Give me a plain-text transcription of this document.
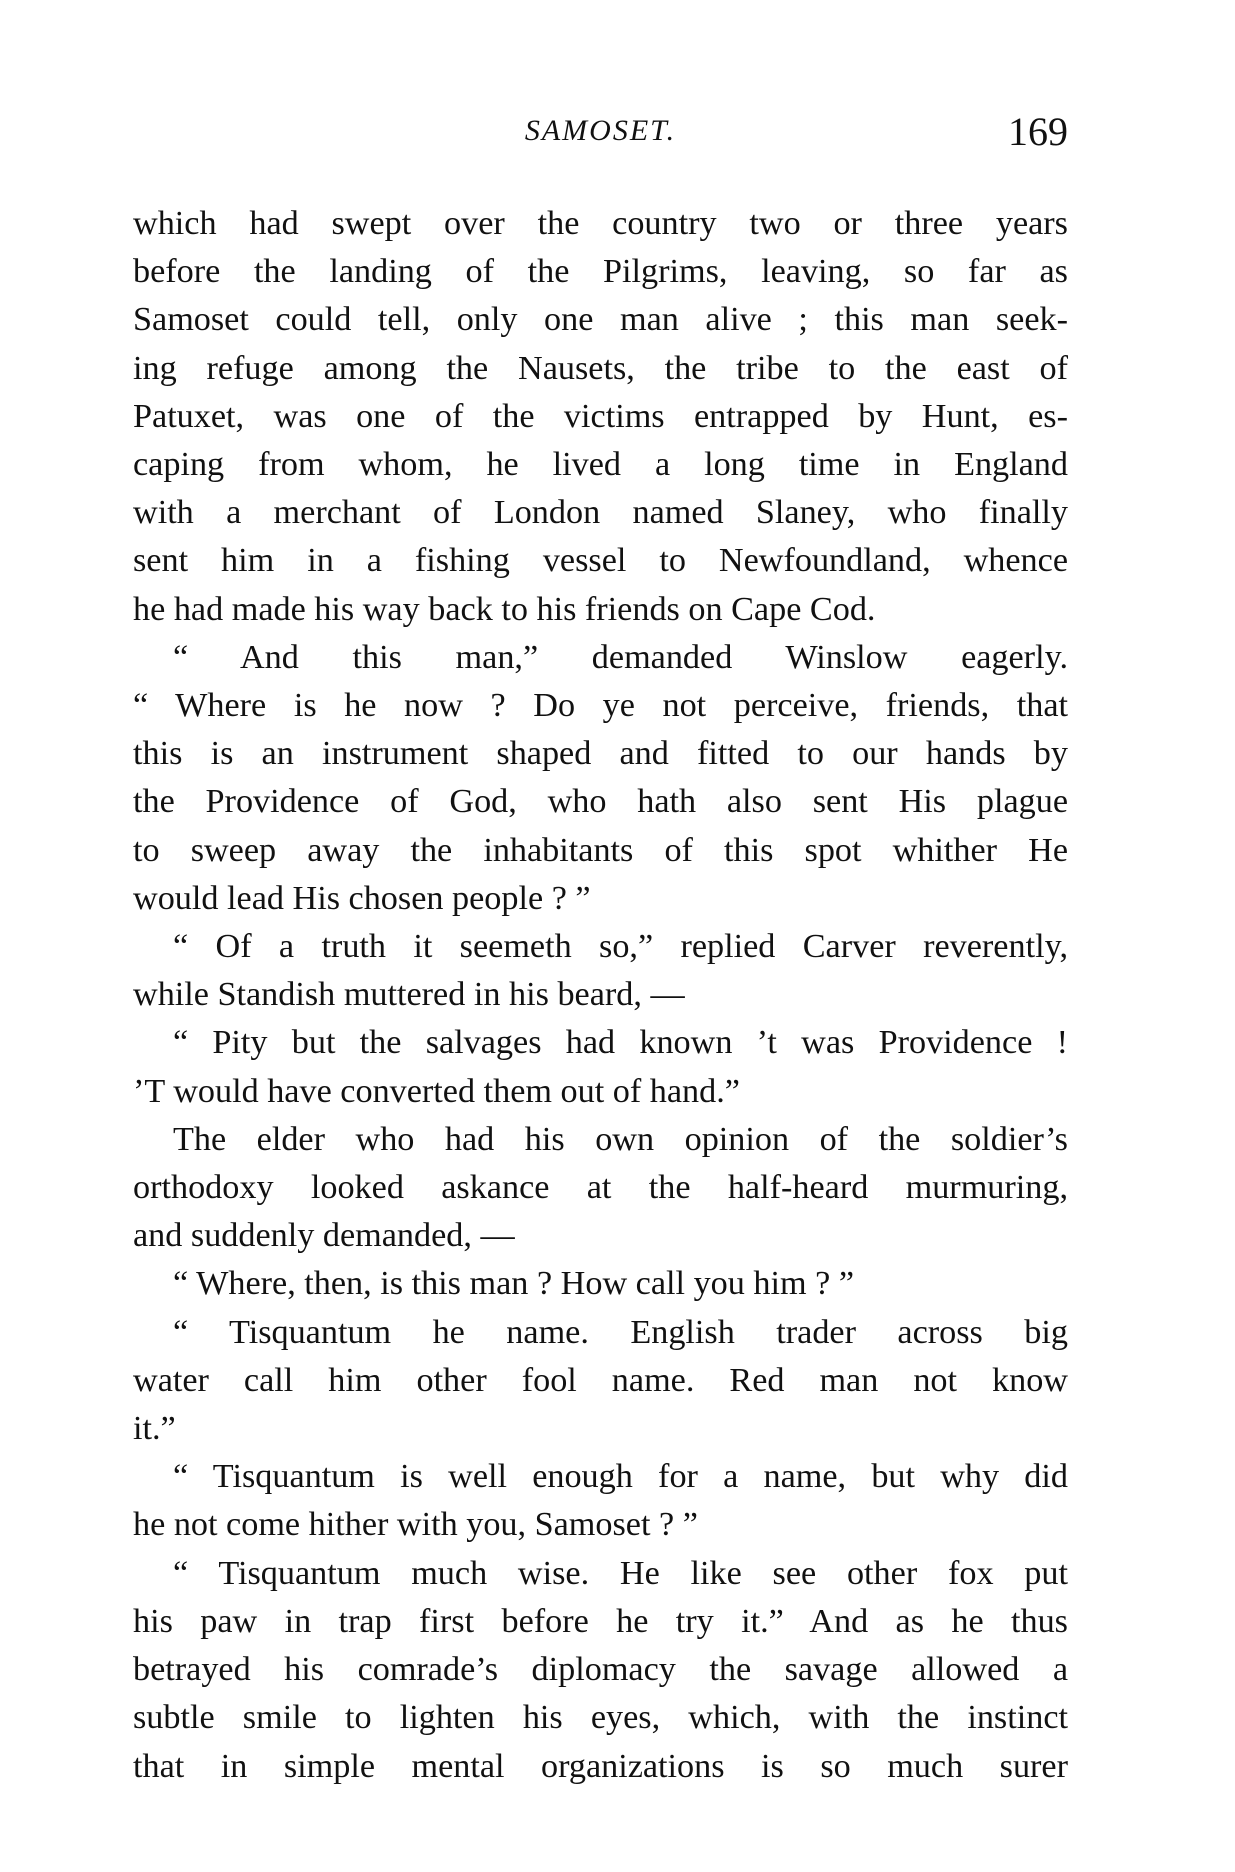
SAMOSET.	169
which had swept over the country two or three years
before the landing of the Pilgrims, leaving, so far as
Samoset could tell, only one man alive ; this man seek-
ing refuge among the Nausets, the tribe to the east of
Patuxet, was one of the victims entrapped by Hunt, es-
caping from whom, he lived a long time in England
with a merchant of London named Slaney, who finally
sent him in a fishing vessel to Newfoundland, whence
he had made his way back to his friends on Cape Cod.
“ And this man,” demanded Winslow eagerly.
“ Where is he now ? Do ye not perceive, friends, that
this is an instrument shaped and fitted to our hands by
the Providence of God, who hath also sent His plague
to sweep away the inhabitants of this spot whither He
would lead His chosen people ? ”
“ Of a truth it seemeth so,” replied Carver reverently,
while Standish muttered in his beard, —
“ Pity but the salvages had known ’t was Providence !
’T would have converted them out of hand.”
The elder who had his own opinion of the soldier’s
orthodoxy looked askance at the half-heard murmuring,
and suddenly demanded, —
“ Where, then, is this man ? How call you him ? ”
“ Tisquantum he name. English trader across big
water call him other fool name. Red man not know
it.”
“ Tisquantum is well enough for a name, but why did
he not come hither with you, Samoset ? ”
“ Tisquantum much wise. He like see other fox put
his paw in trap first before he try it.” And as he thus
betrayed his comrade’s diplomacy the savage allowed a
subtle smile to lighten his eyes, which, with the instinct
that in simple mental organizations is so much surer
